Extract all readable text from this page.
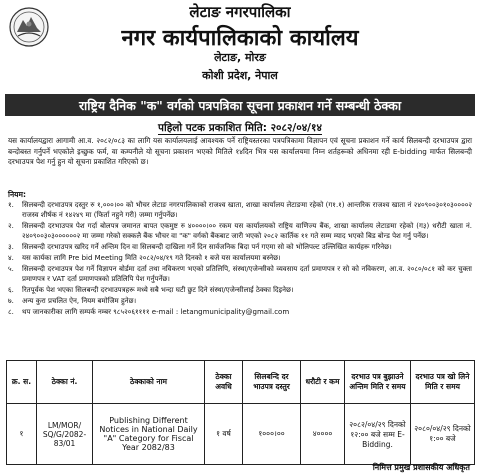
लेटाङ नगरपालिका
नगर कार्यपालिकाको कार्यालय
लेटाङ, मोरङ
कोशी प्रदेश, नेपाल
राष्ट्रिय दैनिक "क" वर्गको पत्रपत्रिका सूचना प्रकाशन गर्ने सम्बन्धी ठेक्का
पहिलो पटक प्रकाशित मिति: २०८२/०४/१४
यस कार्यालयद्वारा आगामी आ.व. २०८२/०८३ का लागि यस कार्यालयलाई आवश्यक पर्ने राष्ट्रियस्तरका पत्रपत्रिकामा विज्ञापन एवं सूचना प्रकाशन गर्ने कार्य सिलबन्दी दरभाउपत्र द्वारा बन्दोबस्त गर्नुपर्ने भएकोले इच्छुक फर्म, वा कम्पनीले यो सूचना प्रकाशन भएको मितिले १४दिन भित्र यस कार्यालयमा निम्न शर्तहरूको अधिनमा रही E-bidding मार्फत सिलबन्दी दरभाउपत्र पेश गर्नु हुन यो सूचना प्रकाशित गरिएको छ।
नियम:
१.	सिलबन्दी दरभाउपत्र दस्तुर रु १,०००।०० को भौचर लेटाङ नगरपालिकाको राजश्व खाता, शाखा कार्यालय लेटाङमा रहेको (ग१.१) आन्तरिक राजश्व खाता नं २४०९००३०१०३००००२ राजस्व शीर्षक नं १४२४९ मा (फिर्ता नहुने गरी) जम्मा गर्नुपर्नेछ।
२.	सिलबन्दी दरभाउपत्र पेश गर्दा बोलपत्र जमानत बापत एकमुष्ट रु ४००००।०० रकम यस कार्यालयको राष्ट्रिय वाणिज्य बैंक, शाखा कार्यालय लेटाङमा रहेको (ग३) धरौटी खाता नं. २४०९००३०३००००००२ मा जम्मा गरेको सक्कलै बैंक भौचर वा "क" वर्गको बैंकबाट जारी भएको २०८२ कार्तिक ११ गते सम्म म्याद भएको बिड बोन्ड पेश गर्नु पर्नेछ।
३.	सिलबन्दी दरभाउपत्र खरिद गर्ने अन्तिम दिन वा सिलबन्दी दाखिला गर्ने दिन सार्वजनिक बिदा पर्न गएमा सो को भोलिपल्ट उल्लिखित कार्यहरू गरिनेछ।
४.	यस कार्यका लागि Pre bid Meeting मिति २०८२/०४/१९ गते दिनको १ बजे यस कार्यालयमा बस्नेछ।
५.	सिलबन्दी दरभाउपत्र पेश गर्ने विज्ञापन बोर्डमा दर्ता तथा नविकरण भएको प्रतिलिपि, संस्था/एजेन्सीको व्यवसाय दर्ता प्रमाणपत्र र सो को नविकरण, आ.व. २०८०/०८१ को कर चुक्ता प्रमाणपत्र र VAT दर्ता प्रमाणपत्रको प्रतिलिपि पेश गर्नुपर्नेछ।
६.	रितपूर्वक पेश भएका सिलबन्दी दरभाउपत्रहरू मध्ये सबै भन्दा घटी छुट दिने संस्था/एजेन्सीलाई ठेक्का दिइनेछ।
७.	अन्य कुरा प्रचलित ऐन, नियम बमोजिम हुनेछ।
८.	थप जानकारीका लागि सम्पर्क नम्बर ९८५२०६११११ e-mail : letangmunicipality@gmail.com
क्र. स.	ठेक्का नं.	ठेक्काको नाम	ठेक्का अवधि	सिलबन्दि दर भाउपत्र दस्तुर	धरौटी र कम	दरभाउ पत्र बुझाउने अन्तिम मिति र समय	दरभाउ पत्र खो लिने मिति र समय
१	LM/MOR/ SQ/G/2082- 83/01	Publishing Different Notices in National Daily "A" Category for Fiscal Year 2082/83	१ वर्ष	१०००।००	४००००	२०८२/०४/२९ दिनको १२:०० बजे सम्म E-Bidding.	२०८०/०४/२९ दिनको १:०० बजे
निमित्त प्रमुख प्रशासकीय अधिकृत
